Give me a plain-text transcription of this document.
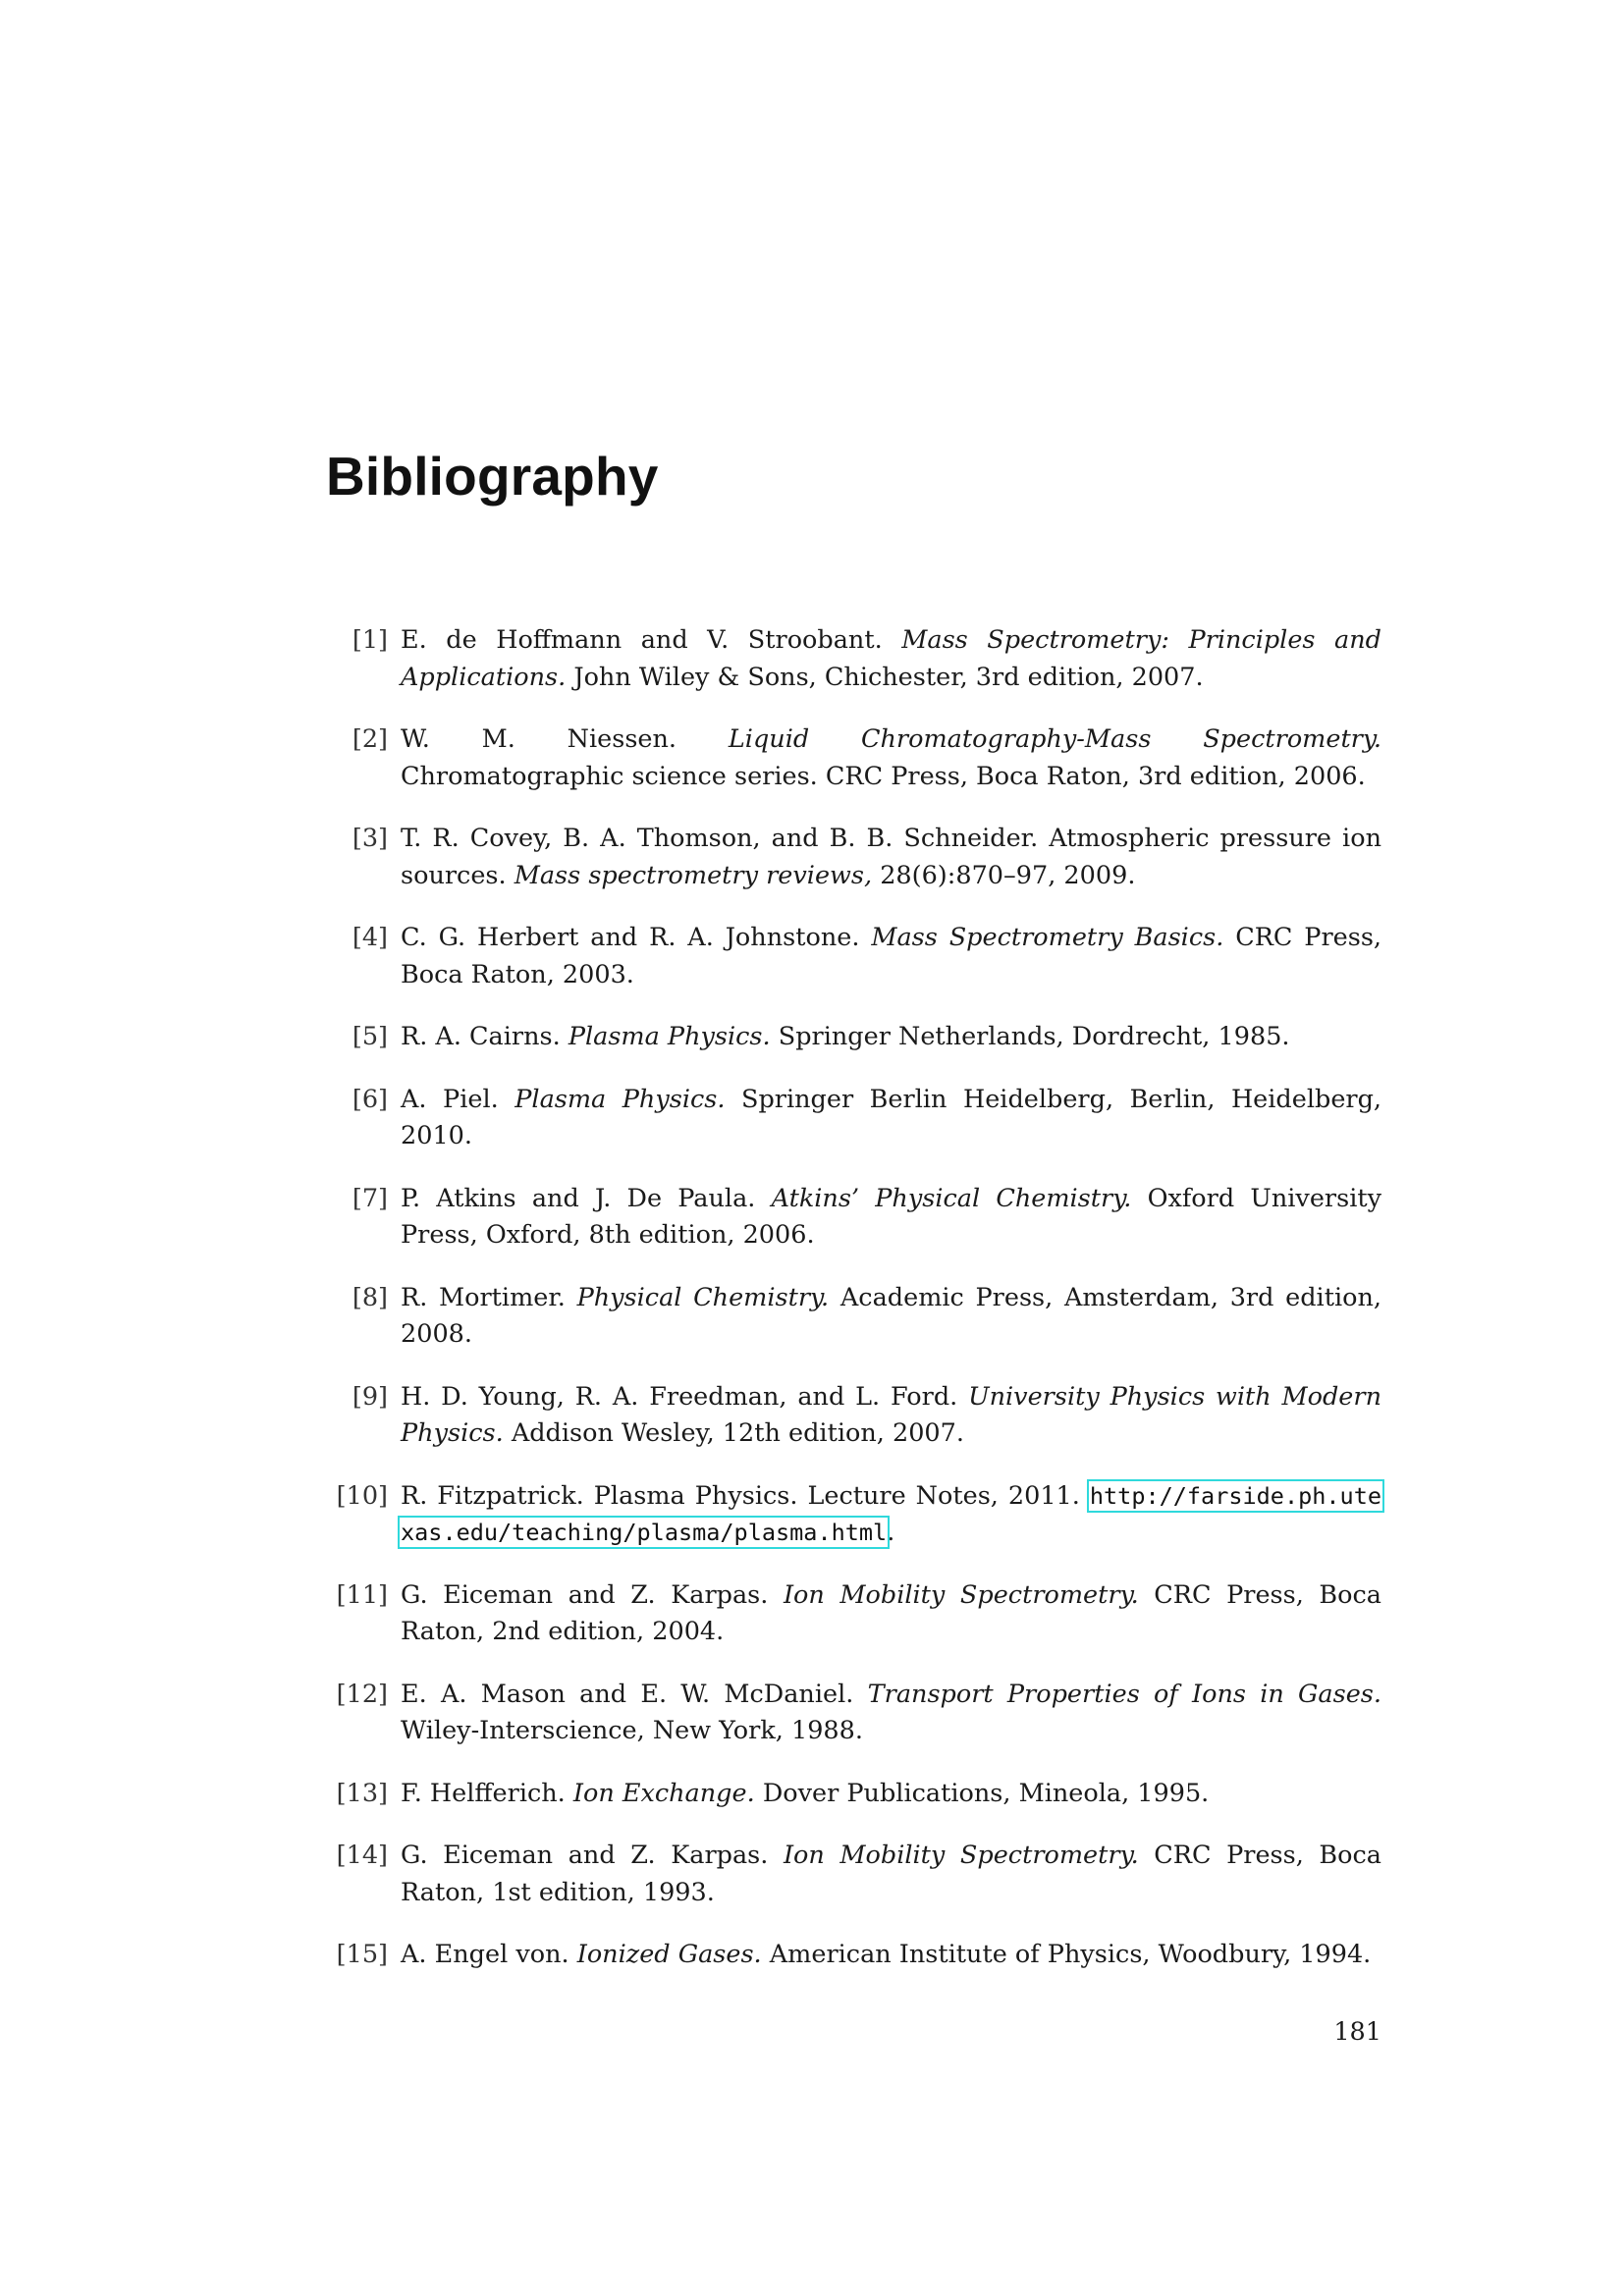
Bibliography
[1] E. de Hoffmann and V. Stroobant. Mass Spectrometry: Principles and Applications. John Wiley & Sons, Chichester, 3rd edition, 2007.
[2] W. M. Niessen. Liquid Chromatography-Mass Spectrometry. Chromatographic science series. CRC Press, Boca Raton, 3rd edition, 2006.
[3] T. R. Covey, B. A. Thomson, and B. B. Schneider. Atmospheric pressure ion sources. Mass spectrometry reviews, 28(6):870–97, 2009.
[4] C. G. Herbert and R. A. Johnstone. Mass Spectrometry Basics. CRC Press, Boca Raton, 2003.
[5] R. A. Cairns. Plasma Physics. Springer Netherlands, Dordrecht, 1985.
[6] A. Piel. Plasma Physics. Springer Berlin Heidelberg, Berlin, Heidelberg, 2010.
[7] P. Atkins and J. De Paula. Atkins’ Physical Chemistry. Oxford University Press, Oxford, 8th edition, 2006.
[8] R. Mortimer. Physical Chemistry. Academic Press, Amsterdam, 3rd edition, 2008.
[9] H. D. Young, R. A. Freedman, and L. Ford. University Physics with Modern Physics. Addison Wesley, 12th edition, 2007.
[10] R. Fitzpatrick. Plasma Physics. Lecture Notes, 2011. http://farside.ph.utexas.edu/teaching/plasma/plasma.html.
[11] G. Eiceman and Z. Karpas. Ion Mobility Spectrometry. CRC Press, Boca Raton, 2nd edition, 2004.
[12] E. A. Mason and E. W. McDaniel. Transport Properties of Ions in Gases. Wiley-Interscience, New York, 1988.
[13] F. Helfferich. Ion Exchange. Dover Publications, Mineola, 1995.
[14] G. Eiceman and Z. Karpas. Ion Mobility Spectrometry. CRC Press, Boca Raton, 1st edition, 1993.
[15] A. Engel von. Ionized Gases. American Institute of Physics, Woodbury, 1994.
181
